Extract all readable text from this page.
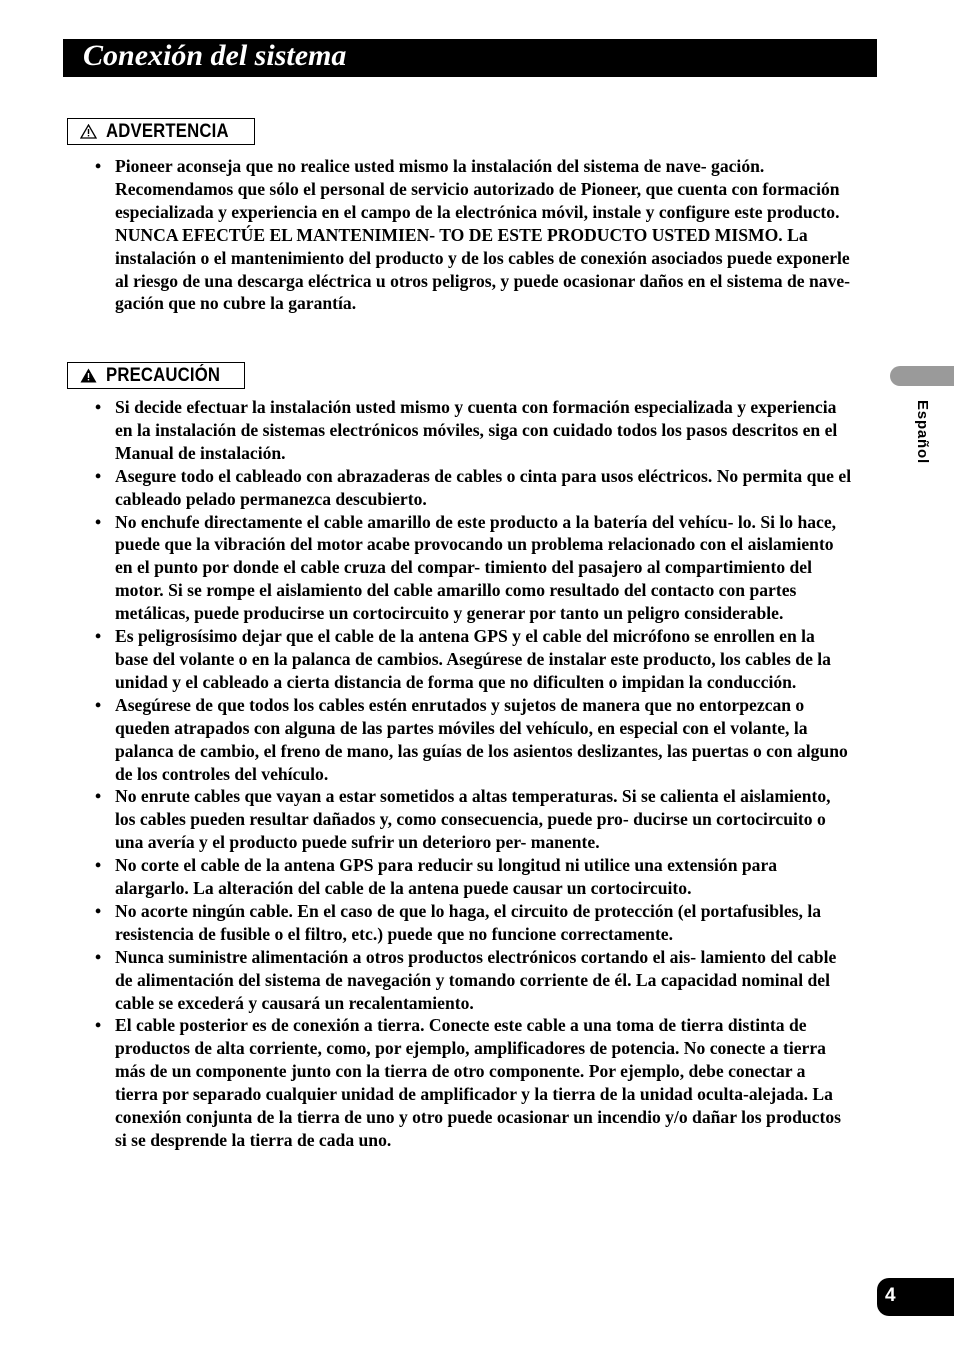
Conexión del sistema
ADVERTENCIA
• Pioneer aconseja que no realice usted mismo la instalación del sistema de nave- gación. Recomendamos que sólo el personal de servicio autorizado de Pioneer, que cuenta con formación especializada y experiencia en el campo de la electrónica móvil, instale y configure este producto. NUNCA EFECTÚE EL MANTENIMIEN- TO DE ESTE PRODUCTO USTED MISMO. La instalación o el mantenimiento del producto y de los cables de conexión asociados puede exponerle al riesgo de una descarga eléctrica u otros peligros, y puede ocasionar daños en el sistema de nave- gación que no cubre la garantía.
PRECAUCIÓN
• Si decide efectuar la instalación usted mismo y cuenta con formación especializada y experiencia en la instalación de sistemas electrónicos móviles, siga con cuidado todos los pasos descritos en el Manual de instalación.
• Asegure todo el cableado con abrazaderas de cables o cinta para usos eléctricos. No permita que el cableado pelado permanezca descubierto.
• No enchufe directamente el cable amarillo de este producto a la batería del vehícu- lo. Si lo hace, puede que la vibración del motor acabe provocando un problema relacionado con el aislamiento en el punto por donde el cable cruza del compar- timiento del pasajero al compartimiento del motor. Si se rompe el aislamiento del cable amarillo como resultado del contacto con partes metálicas, puede producirse un cortocircuito y generar por tanto un peligro considerable.
• Es peligrosísimo dejar que el cable de la antena GPS y el cable del micrófono se enrollen en la base del volante o en la palanca de cambios. Asegúrese de instalar este producto, los cables de la unidad y el cableado a cierta distancia de forma que no dificulten o impidan la conducción.
• Asegúrese de que todos los cables estén enrutados y sujetos de manera que no entorpezcan o queden atrapados con alguna de las partes móviles del vehículo, en especial con el volante, la palanca de cambio, el freno de mano, las guías de los asientos deslizantes, las puertas o con alguno de los controles del vehículo.
• No enrute cables que vayan a estar sometidos a altas temperaturas. Si se calienta el aislamiento, los cables pueden resultar dañados y, como consecuencia, puede pro- ducirse un cortocircuito o una avería y el producto puede sufrir un deterioro per- manente.
• No corte el cable de la antena GPS para reducir su longitud ni utilice una extensión para alargarlo. La alteración del cable de la antena puede causar un cortocircuito.
• No acorte ningún cable. En el caso de que lo haga, el circuito de protección (el portafusibles, la resistencia de fusible o el filtro, etc.) puede que no funcione correctamente.
• Nunca suministre alimentación a otros productos electrónicos cortando el ais- lamiento del cable de alimentación del sistema de navegación y tomando corriente de él. La capacidad nominal del cable se excederá y causará un recalentamiento.
• El cable posterior es de conexión a tierra. Conecte este cable a una toma de tierra distinta de productos de alta corriente, como, por ejemplo, amplificadores de potencia. No conecte a tierra más de un componente junto con la tierra de otro componente. Por ejemplo, debe conectar a tierra por separado cualquier unidad de amplificador y la tierra de la unidad oculta-alejada. La conexión conjunta de la tierra de uno y otro puede ocasionar un incendio y/o dañar los productos si se desprende la tierra de cada uno.
Español
4
